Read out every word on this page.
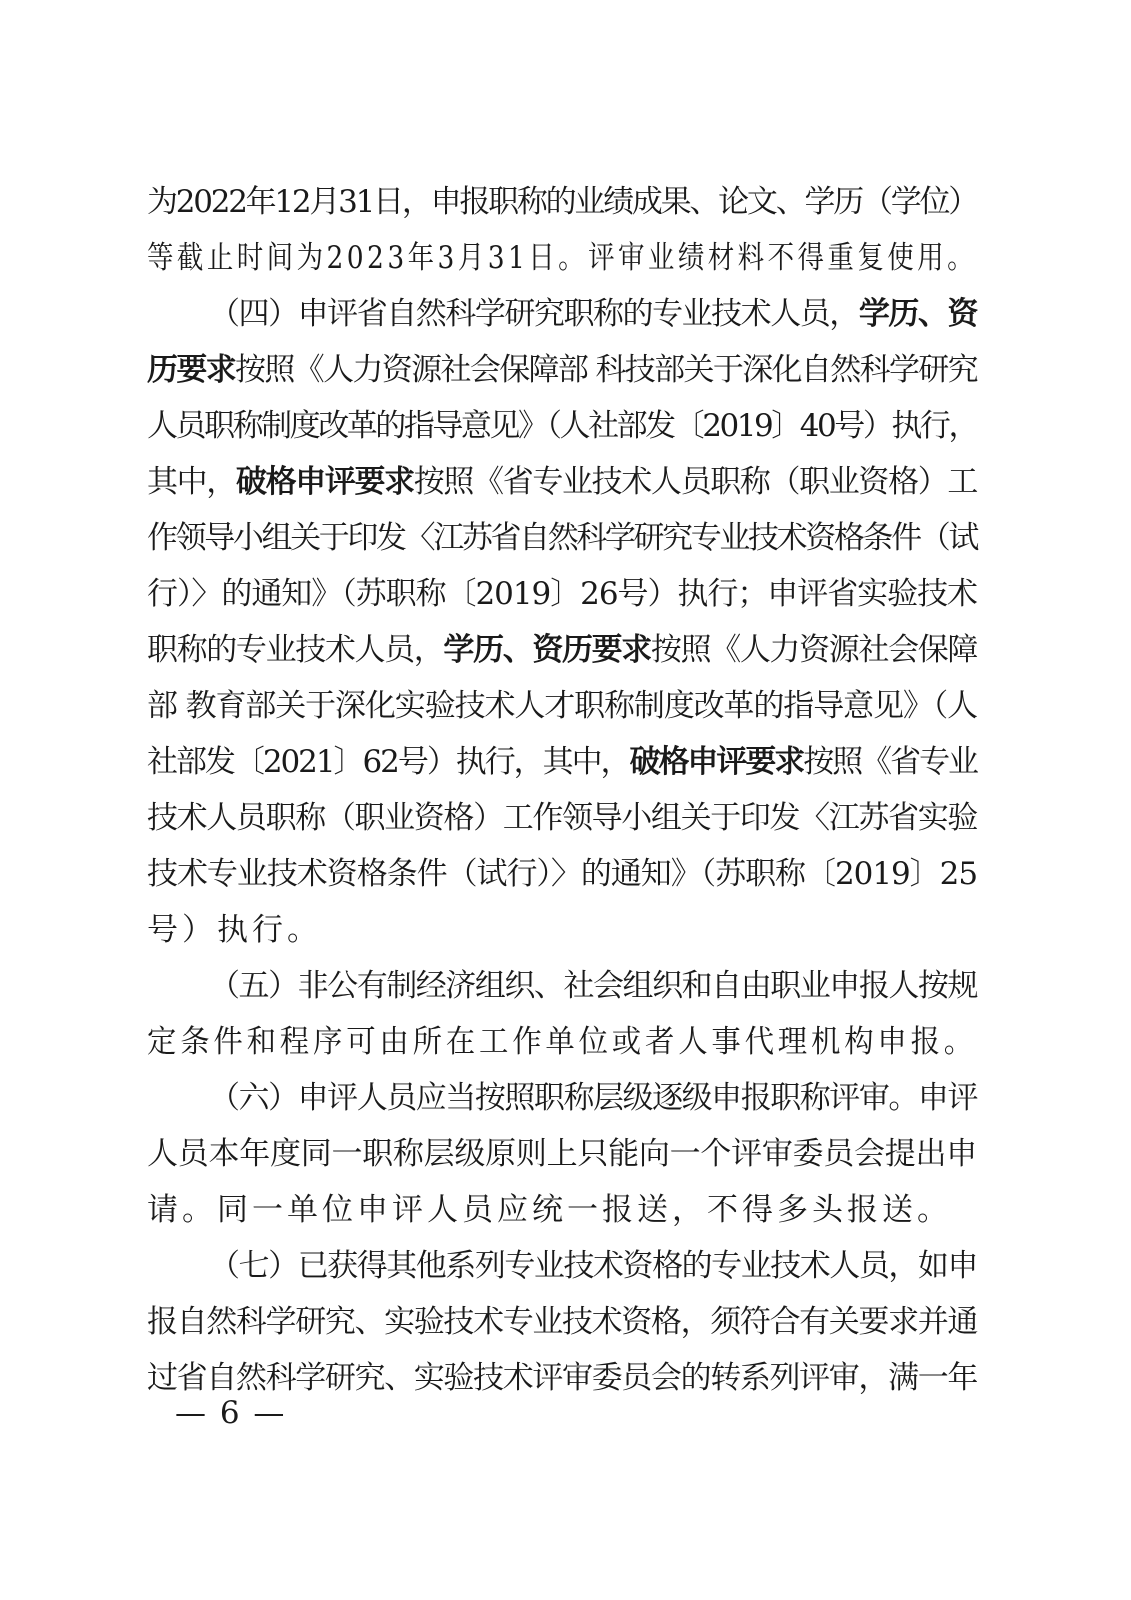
为2022年12月31日，申报职称的业绩成果、论文、学历（学位）
等截止时间为2023年3月31日。评审业绩材料不得重复使用。
（四）申评省自然科学研究职称的专业技术人员，学历、资
历要求按照《人力资源社会保障部 科技部关于深化自然科学研究
人员职称制度改革的指导意见》（人社部发〔2019〕40号）执行，
其中，破格申评要求按照《省专业技术人员职称（职业资格）工
作领导小组关于印发〈江苏省自然科学研究专业技术资格条件（试
行）〉的通知》（苏职称〔2019〕26号）执行；申评省实验技术
职称的专业技术人员，学历、资历要求按照《人力资源社会保障
部 教育部关于深化实验技术人才职称制度改革的指导意见》（人
社部发〔2021〕62号）执行，其中，破格申评要求按照《省专业
技术人员职称（职业资格）工作领导小组关于印发〈江苏省实验
技术专业技术资格条件（试行）〉的通知》（苏职称〔2019〕25
号）执行。
（五）非公有制经济组织、社会组织和自由职业申报人按规
定条件和程序可由所在工作单位或者人事代理机构申报。
（六）申评人员应当按照职称层级逐级申报职称评审。申评
人员本年度同一职称层级原则上只能向一个评审委员会提出申
请。同一单位申评人员应统一报送，不得多头报送。
（七）已获得其他系列专业技术资格的专业技术人员，如申
报自然科学研究、实验技术专业技术资格，须符合有关要求并通
过省自然科学研究、实验技术评审委员会的转系列评审，满一年
— 6 —
